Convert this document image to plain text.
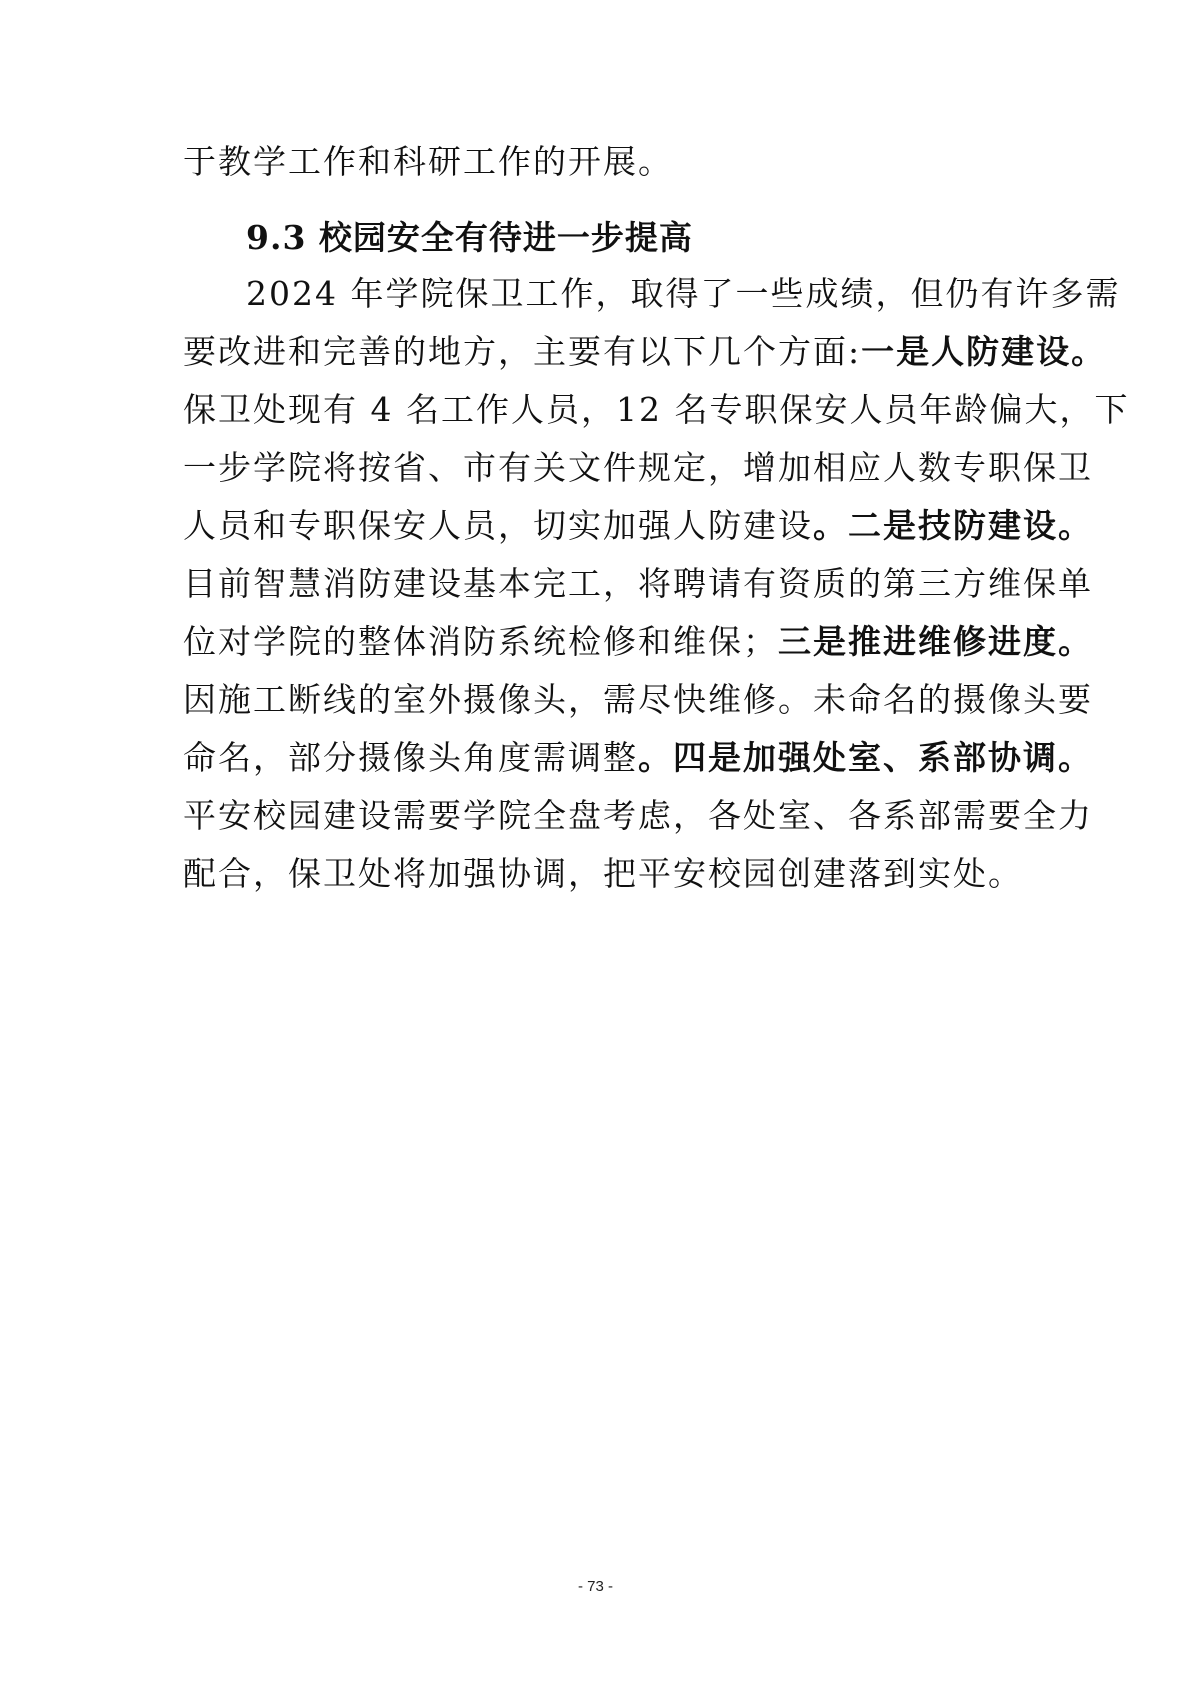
于教学工作和科研工作的开展。
9.3 校园安全有待进一步提高
2024 年学院保卫工作，取得了一些成绩，但仍有许多需
要改进和完善的地方，主要有以下几个方面:一是人防建设。
保卫处现有 4 名工作人员，12 名专职保安人员年龄偏大，下
一步学院将按省、市有关文件规定，增加相应人数专职保卫
人员和专职保安人员，切实加强人防建设。二是技防建设。
目前智慧消防建设基本完工，将聘请有资质的第三方维保单
位对学院的整体消防系统检修和维保；三是推进维修进度。
因施工断线的室外摄像头，需尽快维修。未命名的摄像头要
命名，部分摄像头角度需调整。四是加强处室、系部协调。
平安校园建设需要学院全盘考虑，各处室、各系部需要全力
配合，保卫处将加强协调，把平安校园创建落到实处。
- 73 -
